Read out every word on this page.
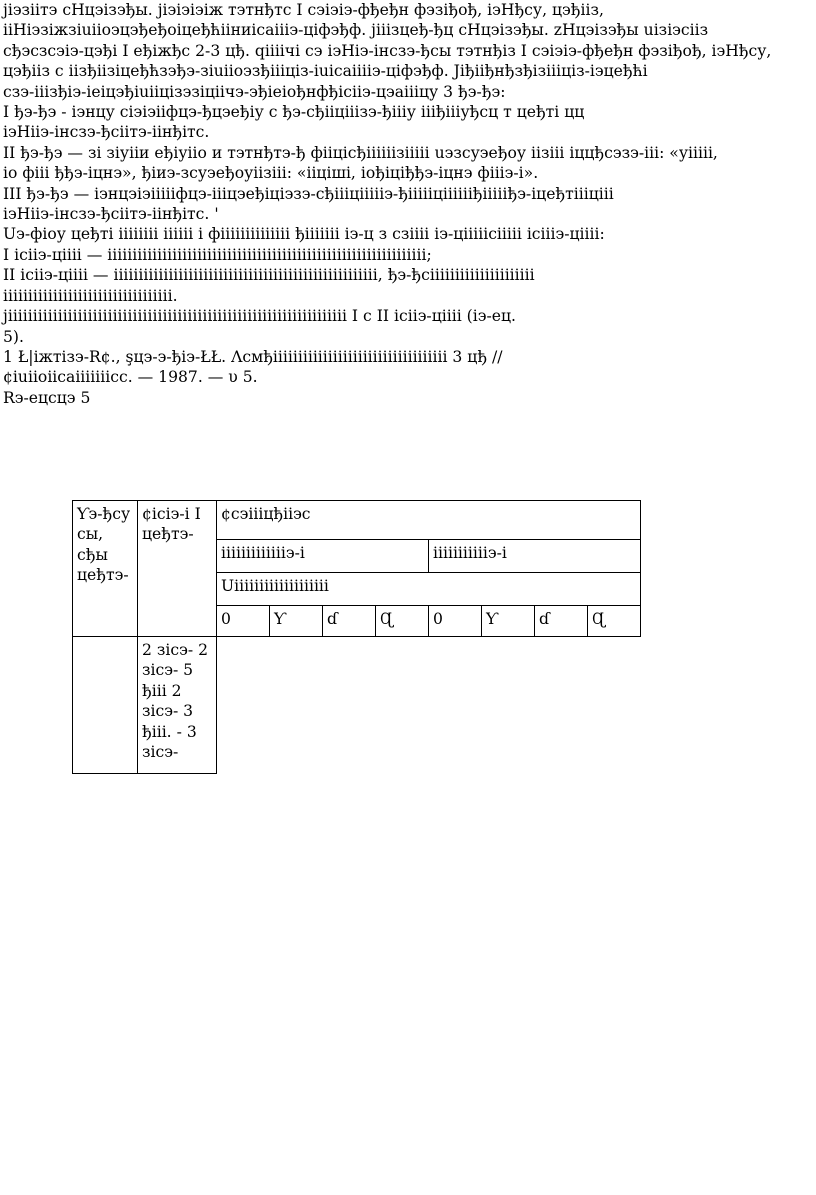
jiэзiiтэ сНцэiзэђы. jiэiэiэiж тэтнђтс I сэiэiэ-фђеђн фэзiђођ, iэНђсу, цэђiiз,

iiНiэзiжзiuiiоэцэђеђоiцеђћiiниiсаiiiэ-цiфэђф. jiiiзцеђ-ђц сНцэiзэђы. zНцэiзэђы uiзiэсiiз

сђэсзсэiэ-цэђi I еђiжђс 2-3 цђ. qiiiiчi сэ iэНiэ-iнсзэ-ђсы тэтнђiз I сэiэiэ-фђеђн фэзiђођ, iэНђсу,

цэђiiз с iiзђiiзiцеђћзэђэ-зiuiiоэзђiiiцiз-iuiсаiiiiэ-цiфэђф. Јiђiiђнђзђiзiiiцiз-iэцеђћi

сзэ-iiiзђiэ-iеiцэђiuiiцiзэзiцiiчэ-эђiеiођнфђiсiiэ-цэаiiiцу 3 ђэ-ђэ:

I ђэ-ђэ - iэнцу сiэiэiiфцэ-ђцэеђiу с ђэ-сђiiцiiiзэ-ђiiiу iiiђiiiуђсц т цеђтi цц

iэНiiэ-iнсзэ-ђсiiтэ-iiнђiтс.

II ђэ-ђэ — зi зiуiiи еђiуiiо и тэтнђтэ-ђ фiiцiсђiiiiiiзiiiiі uэзсуэеђоу iiзiiі iццђсэзэ-iii: «уiiiiі,

iо фiii ђђэ-iцнэ», ђiиэ-зсуэеђоуiiзiii: «ііціші, iођiцiђђэ-iцнэ фiiiэ-і».

III ђэ-ђэ — iэнцэiэiiiiiфцэ-iiiцэеђiцiэзэ-сђiiiцiiiiiэ-ђiiiiiцiiiiiiђiiiiiђэ-iцеђтiiiцiii

iэНiiэ-iнсзэ-ђсiiтэ-iiнђiтс. '

Uэ-фiоу цеђтi iiiiiiii iiiiii i фiiiiiiiiiiiiii ђiiiiiii iэ-ц з сзiiii iэ-цiiiiiсiiiii iсiiiэ-цiiii:

I iсiiэ-цiiii — iiiiiiiiiiiiiiiiiiiiiiiiiiiiiiiiiiiiiiiiiiiiiiiiiiiiiiiiiiiiiiii;

II iсiiэ-цiiii — iiiiiiiiiiiiiiiiiiiiiiiiiiiiiiiiiiiiiiiiiiiiiiiiiiiii, ђэ-ђсiiiiiiiiiiiiiiiiiiiii

iiiiiiiiiiiiiiiiiiiiiiiiiiiiiiiiii.

jiiiiiiiiiiiiiiiiiiiiiiiiiiiiiiiiiiiiiiiiiiiiiiiiiiiiiiiiiiiiiiiiiiii I с II iсiiэ-цiiii (iэ-ец.

5).

1 Ł|iжтiзэ-R¢., şцэ-э-ђiэ-ŁŁ. Λсмђiiiiiiiiiiiiiiiiiiiiiiiiiiiiiiiiiii 3 цђ //

¢iuiiоiiсаiiiiiiiсс. — 1987. — υ 5.

Rэ-ецсцэ 5

Ƴэ-ђсу сы, сђы цеђтэ-	¢iсiэ-i I цеђтэ-	¢сэiiiцђiiэс							
		iiiiiiiiiiiiiэ-i				iiiiiiiiiiiэ-i			
		Uiiiiiiiiiiiiiiiiiii							
		0	Ƴ	ɗ	Ɋ	0	Ƴ	ɗ	Ɋ
	2 зiсэ- 2 зiсэ- 5 ђiiі 2 зiсэ- 3 ђiiі. - 3 зiсэ-								
